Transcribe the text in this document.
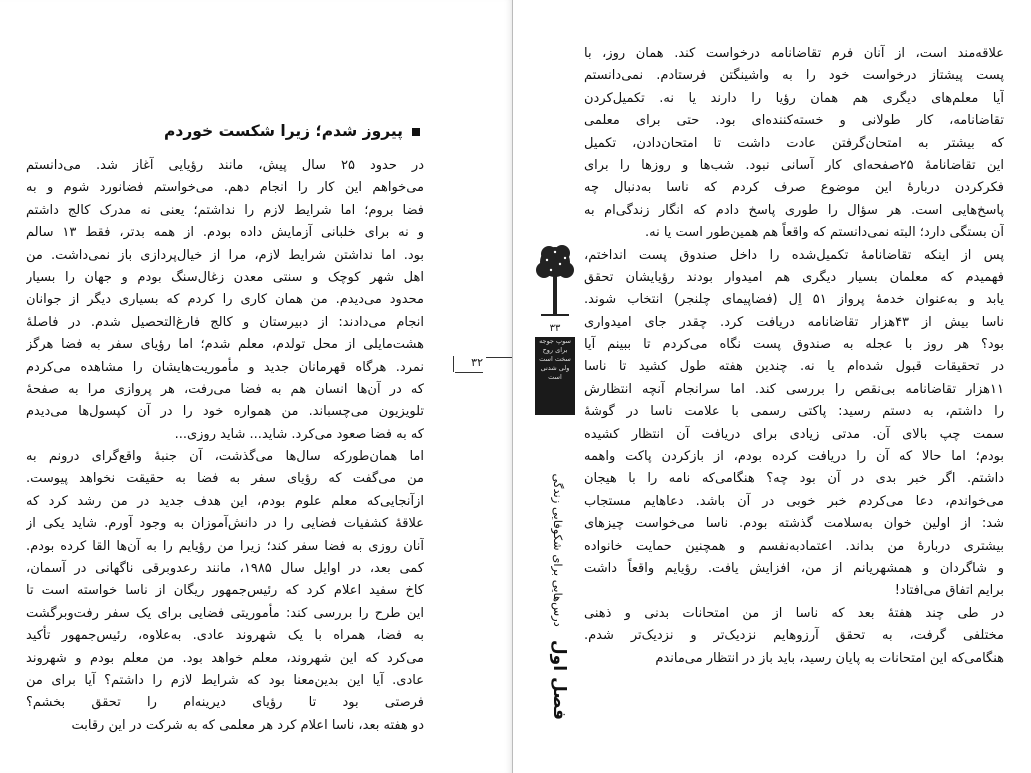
پیروز شدم؛ زیرا شکست خوردم
در حدود ۲۵ سال پیش، مانند رؤیایی آغاز شد. می‌دانستم
می‌خواهم این کار را انجام دهم. می‌خواستم فضانورد شوم و به
فضا بروم؛ اما شرایط لازم را نداشتم؛ یعنی نه مدرک کالج داشتم
و نه برای خلبانی آزمایش داده بودم. از همه بدتر، فقط ۱۳ سالم
بود. اما نداشتن شرایط لازم، مرا از خیال‌پردازی باز نمی‌داشت. من
اهل شهر کوچک و سنتی معدن زغال‌سنگ بودم و جهان را بسیار
محدود می‌دیدم. من همان کاری را کردم که بسیاری دیگر از جوانان
انجام می‌دادند: از دبیرستان و کالج فارغ‌التحصیل شدم. در فاصلهٔ
هشت‌مایلی از محل تولدم، معلم شدم؛ اما رؤیای سفر به فضا هرگز
نمرد. هرگاه قهرمانان جدید و مأموریت‌هایشان را مشاهده می‌کردم
که در آن‌ها انسان هم به فضا می‌رفت، هر پروازی مرا به صفحهٔ
تلویزیون می‌چسباند. من همواره خود را در آن کپسول‌ها می‌دیدم
که به فضا صعود می‌کرد. شاید... شاید روزی...
اما همان‌طورکه سال‌ها می‌گذشت، آن جنبهٔ واقع‌گرای درونم به
من می‌گفت که رؤیای سفر به فضا به حقیقت نخواهد پیوست.
ازآنجایی‌که معلم علوم بودم، این هدف جدید در من رشد کرد که
علاقهٔ کشفیات فضایی را در دانش‌آموزان به وجود آورم. شاید یکی از
آنان روزی به فضا سفر کند؛ زیرا من رؤیایم را به آن‌ها القا کرده بودم.
کمی بعد، در اوایل سال ۱۹۸۵، مانند رعدوبرقی ناگهانی در آسمان،
کاخ سفید اعلام کرد که رئیس‌جمهور ریگان از ناسا خواسته است تا
این طرح را بررسی کند: مأموریتی فضایی برای یک سفر رفت‌وبرگشت
به فضا، همراه با یک شهروند عادی. به‌علاوه، رئیس‌جمهور تأکید
می‌کرد که این شهروند، معلم خواهد بود. من معلم بودم و شهروند
عادی. آیا این بدین‌معنا بود که شرایط لازم را داشتم؟ آیا برای من
فرصتی بود تا رؤیای دیرینه‌ام را تحقق بخشم؟
دو هفته بعد، ناسا اعلام کرد هر معلمی که به شرکت در این رقابت
۳۲
۳۳
سوپ جوجه
برای روح
سخت است
ولی شدنی
است
فصل اول درس‌هایی برای شکوفایی زندگی
علاقه‌مند است، از آنان فرم تقاضانامه درخواست کند. همان روز، با
پست پیشتاز درخواست خود را به واشینگتن فرستادم. نمی‌دانستم
آیا معلم‌های دیگری هم همان رؤیا را دارند یا نه. تکمیل‌کردن
تقاضانامه، کار طولانی و خسته‌کننده‌ای بود. حتی برای معلمی
که بیشتر به امتحان‌گرفتن عادت داشت تا امتحان‌دادن، تکمیل
این تقاضانامهٔ ۲۵صفحه‌ای کار آسانی نبود. شب‌ها و روزها را برای
فکرکردن دربارهٔ این موضوع صرف کردم که ناسا به‌دنبال چه
پاسخ‌هایی است. هر سؤال را طوری پاسخ دادم که انگار زندگی‌ام به
آن بستگی دارد؛ البته نمی‌دانستم که واقعاً هم همین‌طور است یا نه.
پس از اینکه تقاضانامهٔ تکمیل‌شده را داخل صندوق پست انداختم،
فهمیدم که معلمان بسیار دیگری هم امیدوار بودند رؤیایشان تحقق
یابد و به‌عنوان خدمهٔ پرواز ۵۱ اِل (فضاپیمای چلنجر) انتخاب شوند.
ناسا بیش از ۴۳هزار تقاضانامه دریافت کرد. چقدر جای امیدواری
بود؟ هر روز با عجله به صندوق پست نگاه می‌کردم تا ببینم آیا
در تحقیقات قبول شده‌ام یا نه. چندین هفته طول کشید تا ناسا
۱۱هزار تقاضانامه بی‌نقص را بررسی کند. اما سرانجام آنچه انتظارش
را داشتم، به دستم رسید: پاکتی رسمی با علامت ناسا در گوشهٔ
سمت چپ بالای آن. مدتی زیادی برای دریافت آن انتظار کشیده
بودم؛ اما حالا که آن را دریافت کرده بودم، از بازکردن پاکت واهمه
داشتم. اگر خبر بدی در آن بود چه؟ هنگامی‌که نامه را با هیجان
می‌خواندم، دعا می‌کردم خبر خوبی در آن باشد. دعاهایم مستجاب
شد: از اولین خوان به‌سلامت گذشته بودم. ناسا می‌خواست چیزهای
بیشتری دربارهٔ من بداند. اعتمادبه‌نفسم و همچنین حمایت خانواده
و شاگردان و همشهریانم از من، افزایش یافت. رؤیایم واقعاً داشت
برایم اتفاق می‌افتاد!
در طی چند هفتهٔ بعد که ناسا از من امتحانات بدنی و ذهنی
مختلفی گرفت، به تحقق آرزوهایم نزدیک‌تر و نزدیک‌تر شدم.
هنگامی‌که این امتحانات به پایان رسید، باید باز در انتظار می‌ماندم
